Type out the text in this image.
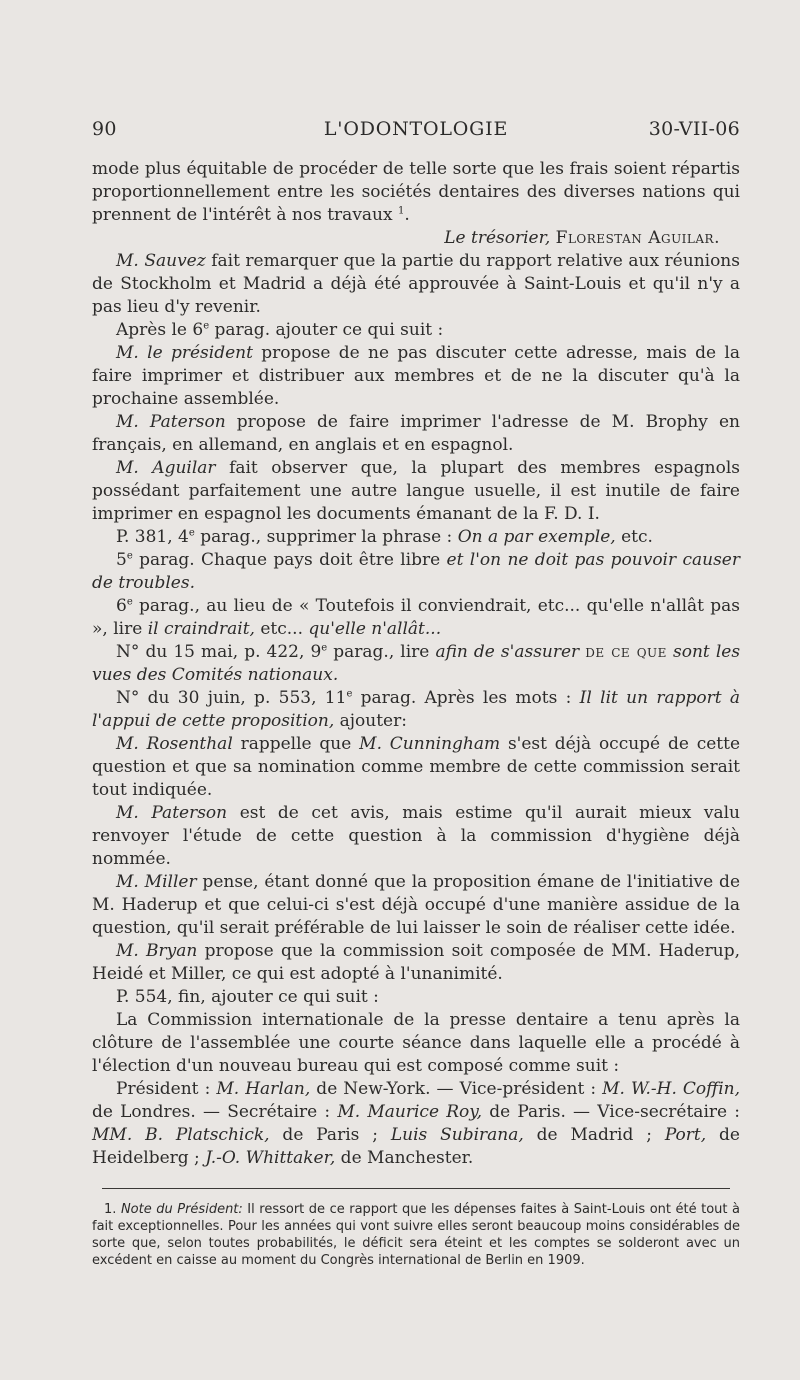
90	L'ODONTOLOGIE	30-VII-06

mode plus équitable de procéder de telle sorte que les frais soient répartis proportionnellement entre les sociétés dentaires des diverses nations qui prennent de l'intérêt à nos travaux $^1$.

Le trésorier, Florestan Aguilar.

M. Sauvez fait remarquer que la partie du rapport relative aux réunions de Stockholm et Madrid a déjà été approuvée à Saint-Louis et qu'il n'y a pas lieu d'y revenir.

Après le 6e parag. ajouter ce qui suit :

M. le président propose de ne pas discuter cette adresse, mais de la faire imprimer et distribuer aux membres et de ne la discuter qu'à la prochaine assemblée.

M. Paterson propose de faire imprimer l'adresse de M. Brophy en français, en allemand, en anglais et en espagnol.

M. Aguilar fait observer que, la plupart des membres espagnols possédant parfaitement une autre langue usuelle, il est inutile de faire imprimer en espagnol les documents émanant de la F. D. I.

P. 381, 4e parag., supprimer la phrase : On a par exemple, etc.

5e parag. Chaque pays doit être libre et l'on ne doit pas pouvoir causer de troubles.

6e parag., au lieu de « Toutefois il conviendrait, etc... qu'elle n'allât pas », lire il craindrait, etc... qu'elle n'allât...

N° du 15 mai, p. 422, 9e parag., lire afin de s'assurer de ce que sont les vues des Comités nationaux.

N° du 30 juin, p. 553, 11e parag. Après les mots : Il lit un rapport à l'appui de cette proposition, ajouter:

M. Rosenthal rappelle que M. Cunningham s'est déjà occupé de cette question et que sa nomination comme membre de cette commission serait tout indiquée.

M. Paterson est de cet avis, mais estime qu'il aurait mieux valu renvoyer l'étude de cette question à la commission d'hygiène déjà nommée.

M. Miller pense, étant donné que la proposition émane de l'initiative de M. Haderup et que celui-ci s'est déjà occupé d'une manière assidue de la question, qu'il serait préférable de lui laisser le soin de réaliser cette idée.

M. Bryan propose que la commission soit composée de MM. Haderup, Heidé et Miller, ce qui est adopté à l'unanimité.

P. 554, fin, ajouter ce qui suit :

La Commission internationale de la presse dentaire a tenu après la clôture de l'assemblée une courte séance dans laquelle elle a procédé à l'élection d'un nouveau bureau qui est composé comme suit :

Président : M. Harlan, de New-York. — Vice-président : M. W.-H. Coffin, de Londres. — Secrétaire : M. Maurice Roy, de Paris. — Vice-secrétaire : MM. B. Platschick, de Paris ; Luis Subirana, de Madrid ; Port, de Heidelberg ; J.-O. Whittaker, de Manchester.

1. Note du Président: Il ressort de ce rapport que les dépenses faites à Saint-Louis ont été tout à fait exceptionnelles. Pour les années qui vont suivre elles seront beaucoup moins considérables de sorte que, selon toutes probabilités, le déficit sera éteint et les comptes se solderont avec un excédent en caisse au moment du Congrès international de Berlin en 1909.
